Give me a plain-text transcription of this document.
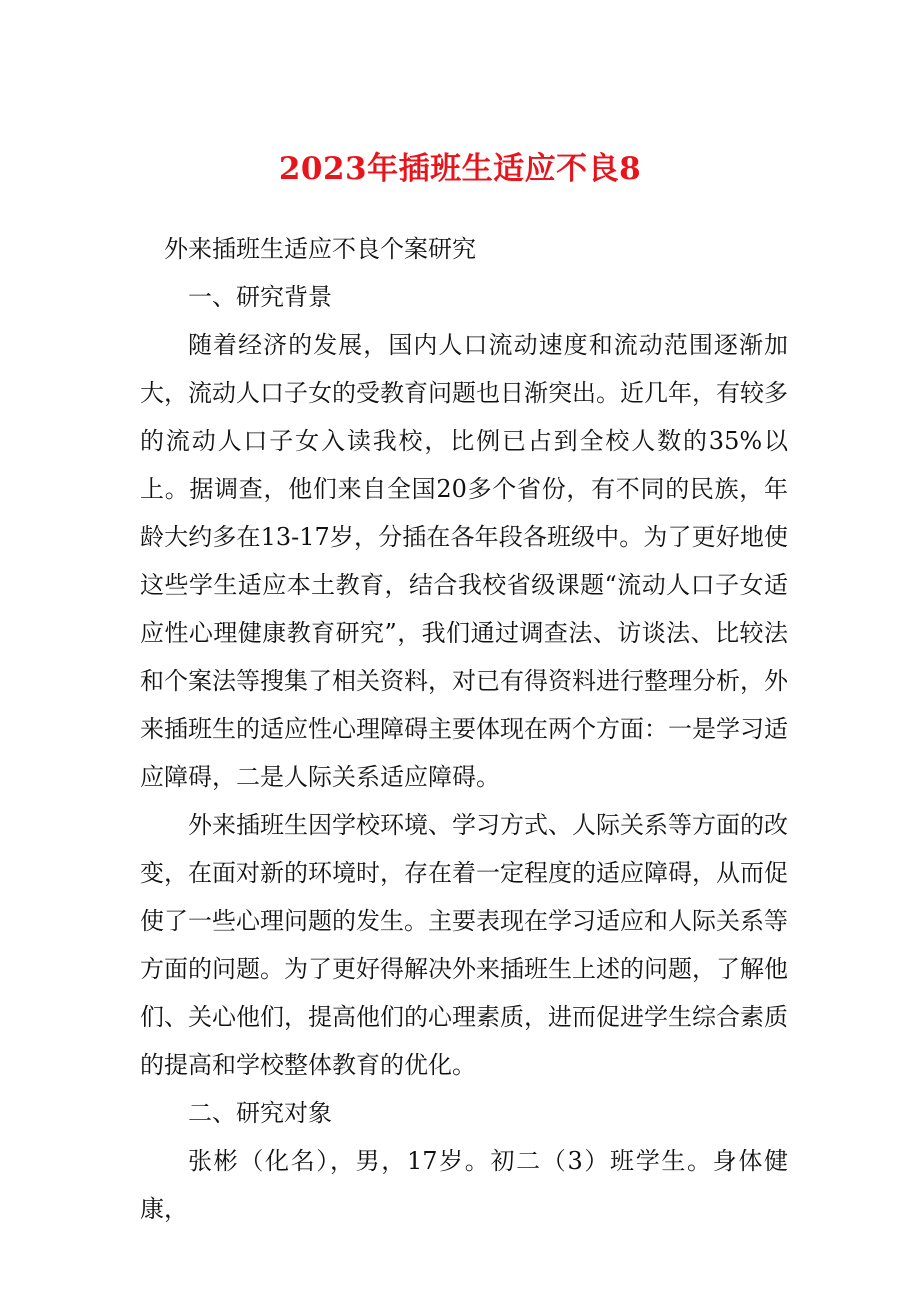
2023年插班生适应不良8

外来插班生适应不良个案研究

一、研究背景

随着经济的发展，国内人口流动速度和流动范围逐渐加大，流动人口子女的受教育问题也日渐突出。近几年，有较多的流动人口子女入读我校，比例已占到全校人数的35%以上。据调查，他们来自全国20多个省份，有不同的民族，年龄大约多在13-17岁，分插在各年段各班级中。为了更好地使这些学生适应本土教育，结合我校省级课题“流动人口子女适应性心理健康教育研究”，我们通过调查法、访谈法、比较法和个案法等搜集了相关资料，对已有得资料进行整理分析，外来插班生的适应性心理障碍主要体现在两个方面：一是学习适应障碍，二是人际关系适应障碍。

外来插班生因学校环境、学习方式、人际关系等方面的改变，在面对新的环境时，存在着一定程度的适应障碍，从而促使了一些心理问题的发生。主要表现在学习适应和人际关系等方面的问题。为了更好得解决外来插班生上述的问题，了解他们、关心他们，提高他们的心理素质，进而促进学生综合素质的提高和学校整体教育的优化。

二、研究对象

张彬（化名），男，17岁。初二（3）班学生。身体健康，
